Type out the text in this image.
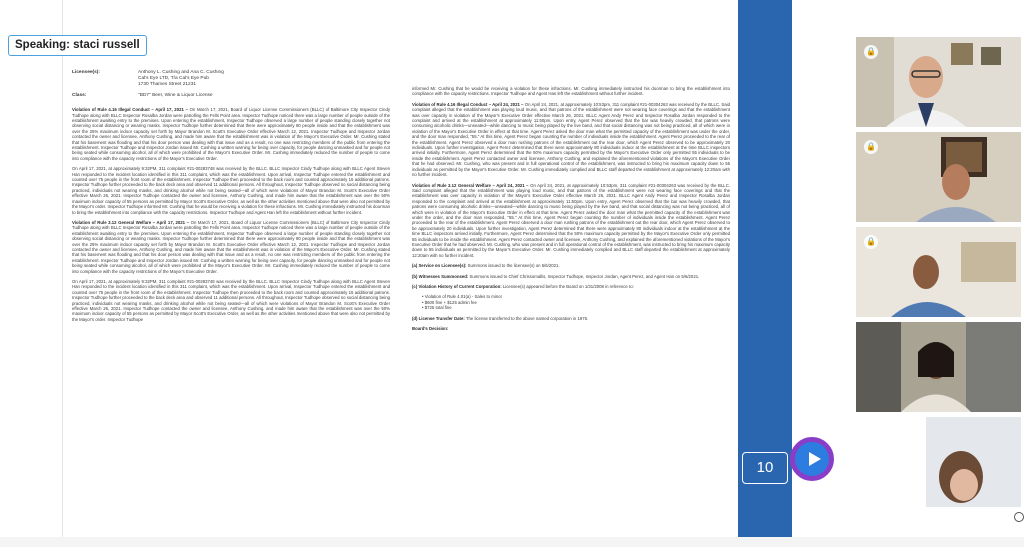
Licensee(s):	Anthony L. Cushing and Ana C. Cushing
Cal's Eye LTD, T/a Cal's Eye Pub
1730 Thames Street 21231
Class:	"BD7" Beer, Wine & Liquor License

Violation of Rule 4.16 Illegal Conduct – April 17, 2021 – On March 17, 2021, Board of Liquor License Commissioners (BLLC) of Baltimore City Inspector Cindy Tudhope along with BLLC Inspector Rosalba Jordan were patrolling the Fells Point area. Inspector Tudhope noticed there was a large number of people outside of the establishment awaiting entry to the premises. Upon entering the establishment, Inspector Tudhope observed a large number of people standing closely together not observing social distancing or wearing masks. Inspector Tudhope further determined that there were approximately 80 people inside and that the establishment was over the 25% maximum indoor capacity set forth by Mayor Brandon M. Scott's Executive Order effective March 12, 2021. Inspector Tudhope and Inspector Jordan contacted the owner and licensee, Anthony Cushing, and made him aware that the establishment was in violation of the Mayor's Executive Order. Mr. Cushing stated that his basement was flooding and that his door person was dealing with that issue and as a result, no one was restricting members of the public from entering the establishment. Inspector Tudhope and Inspector Jordan issued Mr. Cushing a written warning for being over capacity, for people dancing unmasked and for people not being seated while consuming alcohol, all of which were prohibited of the Mayor's Executive Order. Mr. Cushing immediately reduced the number of people to come into compliance with the capacity restrictions of the Mayor's Executive Order.

On April 17, 2021, at approximately 9:32PM, 311 complaint #21-00283748 was received by the BLLC. BLLC Inspector Cindy Tudhope along with BLLC Agent Steven Han responded to the incident location identified in this 311 complaint, which was the establishment. Upon arrival, Inspector Tudhope entered the establishment and counted over 75 people in the front room of the establishment. Inspector Tudhope then proceeded to the back room and counted approximately 15 additional patrons. Inspector Tudhope further proceeded to the back deck area and observed 11 additional persons. All throughout, Inspector Tudhope observed no social distancing being practiced, individuals not wearing masks, and drinking alcohol while not being seated—all of which were violations of Mayor Brandon M. Scott's Executive Order effective March 26, 2021. Inspector Tudhope contacted the owner and licensee, Anthony Cushing, and made him aware that the establishment was over the 50% maximum indoor capacity of 55 persons as permitted by Mayor Scott's Executive Order, as well as the other activities mentioned above that were also not permitted by the Mayor's order. Inspector Tudhope informed Mr. Cushing that he would be receiving a violation for these infractions. Mr. Cushing immediately instructed his doorman to bring the establishment into compliance with the capacity restrictions. Inspector Tudhope and Agent Han left the establishment without further incident.

Violation of Rule 3.12 General Welfare – April 17, 2021 – On March 17, 2021, Board of Liquor License Commissioners (BLLC) of Baltimore City Inspector Cindy Tudhope along with BLLC Inspector Rosalba Jordan were patrolling the Fells Point area. Inspector Tudhope noticed there was a large number of people outside of the establishment awaiting entry to the premises. Upon entering the establishment, Inspector Tudhope observed a large number of people standing closely together not observing social distancing or wearing masks. Inspector Tudhope further determined that there were approximately 80 people inside and that the establishment was over the 25% maximum indoor capacity set forth by Mayor Brandon M. Scott's Executive Order effective March 12, 2021. Inspector Tudhope and Inspector Jordan contacted the owner and licensee, Anthony Cushing, and made him aware that the establishment was in violation of the Mayor's Executive Order. Mr. Cushing stated that his basement was flooding and that his door person was dealing with that issue and as a result, no one was restricting members of the public from entering the establishment. Inspector Tudhope and Inspector Jordan issued Mr. Cushing a written warning for being over capacity, for people dancing unmasked and for people not being seated while consuming alcohol, all of which were prohibited of the Mayor's Executive Order. Mr. Cushing immediately reduced the number of people to come into compliance with the capacity restrictions of the Mayor's Executive Order.

On April 17, 2021, at approximately 9:32PM, 311 complaint #21-00283748 was received by the BLLC. BLLC Inspector Cindy Tudhope along with BLLC Agent Steven Han responded to the incident location identified in this 311 complaint, which was the establishment. Upon arrival, Inspector Tudhope entered the establishment and counted over 75 people in the front room of the establishment. Inspector Tudhope then proceeded to the back room and counted approximately 15 additional patrons. Inspector Tudhope further proceeded to the back deck area and observed 11 additional persons. All throughout, Inspector Tudhope observed no social distancing being practiced, individuals not wearing masks, and drinking alcohol while not being seated—all of which were violations of Mayor Brandon M. Scott's Executive Order effective March 26, 2021. Inspector Tudhope contacted the owner and licensee, Anthony Cushing, and made him aware that the establishment was over the 50% maximum indoor capacity of 55 persons as permitted by Mayor Scott's Executive Order, as well as the other activities mentioned above that were also not permitted by the Mayor's order. Inspector Tudhope

informed Mr. Cushing that he would be receiving a violation for these infractions. Mr. Cushing immediately instructed his doorman to bring the establishment into compliance with the capacity restrictions. Inspector Tudhope and Agent Han left the establishment without further incident.

Violation of Rule 4.16 Illegal Conduct – April 24, 2021 – On April 24, 2021, at approximately 10:53pm, 311 complaint #21-00304263 was received by the BLLC. Said complaint alleged that the establishment was playing loud music, and that patrons of the establishment were not wearing face coverings and that the establishment was over capacity in violation of the Mayor's Executive Order effective March 26, 2021. BLLC Agent Andy Perez and Inspector Rosalba Jordan responded to the complaint and arrived at the establishment at approximately 11:50pm. Upon entry, Agent Perez observed that the bar was heavily crowded, that patrons were consuming alcoholic drinks—unseated—while dancing to music being played by the live band, and that social distancing was not being practiced, all of which were in violation of the Mayor's Executive Order in effect at that time. Agent Perez asked the door man what the permitted capacity of the establishment was under the order, and the door man responded, "55." At this time, Agent Perez began counting the number of individuals inside the establishment. Agent Perez proceeded to the rear of the establishment. Agent Perez observed a door man rushing patrons of the establishment out the rear door, which Agent Perez observed to be approximately 20 individuals. Upon further investigation, Agent Perez determined that there were approximately 80 individuals indoor at the establishment at the time BLLC inspectors arrived initially. Furthermore, Agent Perez determined that the 50% maximum capacity permitted by the Mayor's Executive Order only permitted 55 individuals to be inside the establishment. Agent Perez contacted owner and licensee, Anthony Cushing, and explained the aforementioned violations of the Mayor's Executive Order that he had observed. Mr. Cushing, who was present and in full operational control of the establishment, was instructed to bring his maximum capacity down to 55 individuals as permitted by the Mayor's Executive Order. Mr. Cushing immediately complied and BLLC staff departed the establishment at approximately 12:20am with no further incident.

Violation of Rule 3.12 General Welfare – April 24, 2021 – On April 24, 2021, at approximately 10:53pm, 311 complaint #21-00304263 was received by the BLLC. Said complaint alleged that the establishment was playing loud music, and that patrons of the establishment were not wearing face coverings and that the establishment was over capacity in violation of the Mayor's Executive Order effective March 26, 2021. BLLC Agent Andy Perez and Inspector Rosalba Jordan responded to the complaint and arrived at the establishment at approximately 11:50pm. Upon entry, Agent Perez observed that the bar was heavily crowded, that patrons were consuming alcoholic drinks—unseated—while dancing to music being played by the live band, and that social distancing was not being practiced, all of which were in violation of the Mayor's Executive Order in effect at that time. Agent Perez asked the door man what the permitted capacity of the establishment was under the order, and the door man responded, "55." At this time, Agent Perez began counting the number of individuals inside the establishment. Agent Perez proceeded to the rear of the establishment. Agent Perez observed a door man rushing patrons of the establishment out the rear door, which Agent Perez observed to be approximately 20 individuals. Upon further investigation, Agent Perez determined that there were approximately 80 individuals indoor at the establishment at the time BLLC inspectors arrived initially. Furthermore, Agent Perez determined that the 50% maximum capacity permitted by the Mayor's Executive Order only permitted 55 individuals to be inside the establishment. Agent Perez contacted owner and licensee, Anthony Cushing, and explained the aforementioned violations of the Mayor's Executive Order that he had observed. Mr. Cushing, who was present and in full operational control of the establishment, was instructed to bring his maximum capacity down to 55 individuals as permitted by the Mayor's Executive Order. Mr. Cushing immediately complied and BLLC staff departed the establishment at approximately 12:20am with no further incident.

(a) Service on Licensee(s): Summons issued to the licensee(s) on 5/6/2021.

(b) Witnesses Summonsed: Summons issued to Chief Chrissomallis, Inspector Tudhope, Inspector Jordan, Agent Perez, and Agent Han on 5/6/2021.

(c) Violation History of Current Corporation: Licensee(s) appeared before the Board on 1/31/2008 in reference to:

• Violation of Rule 4.01(a) - Sales to minor
• $600 fine + $125 admin fee
• $725 total fine

(d) License Transfer Date: The license transferred to the above named corporation in 1975.

Board's Decision:

Speaking: staci russell
🔒
🔒
🔒
10
CHARM
TV
